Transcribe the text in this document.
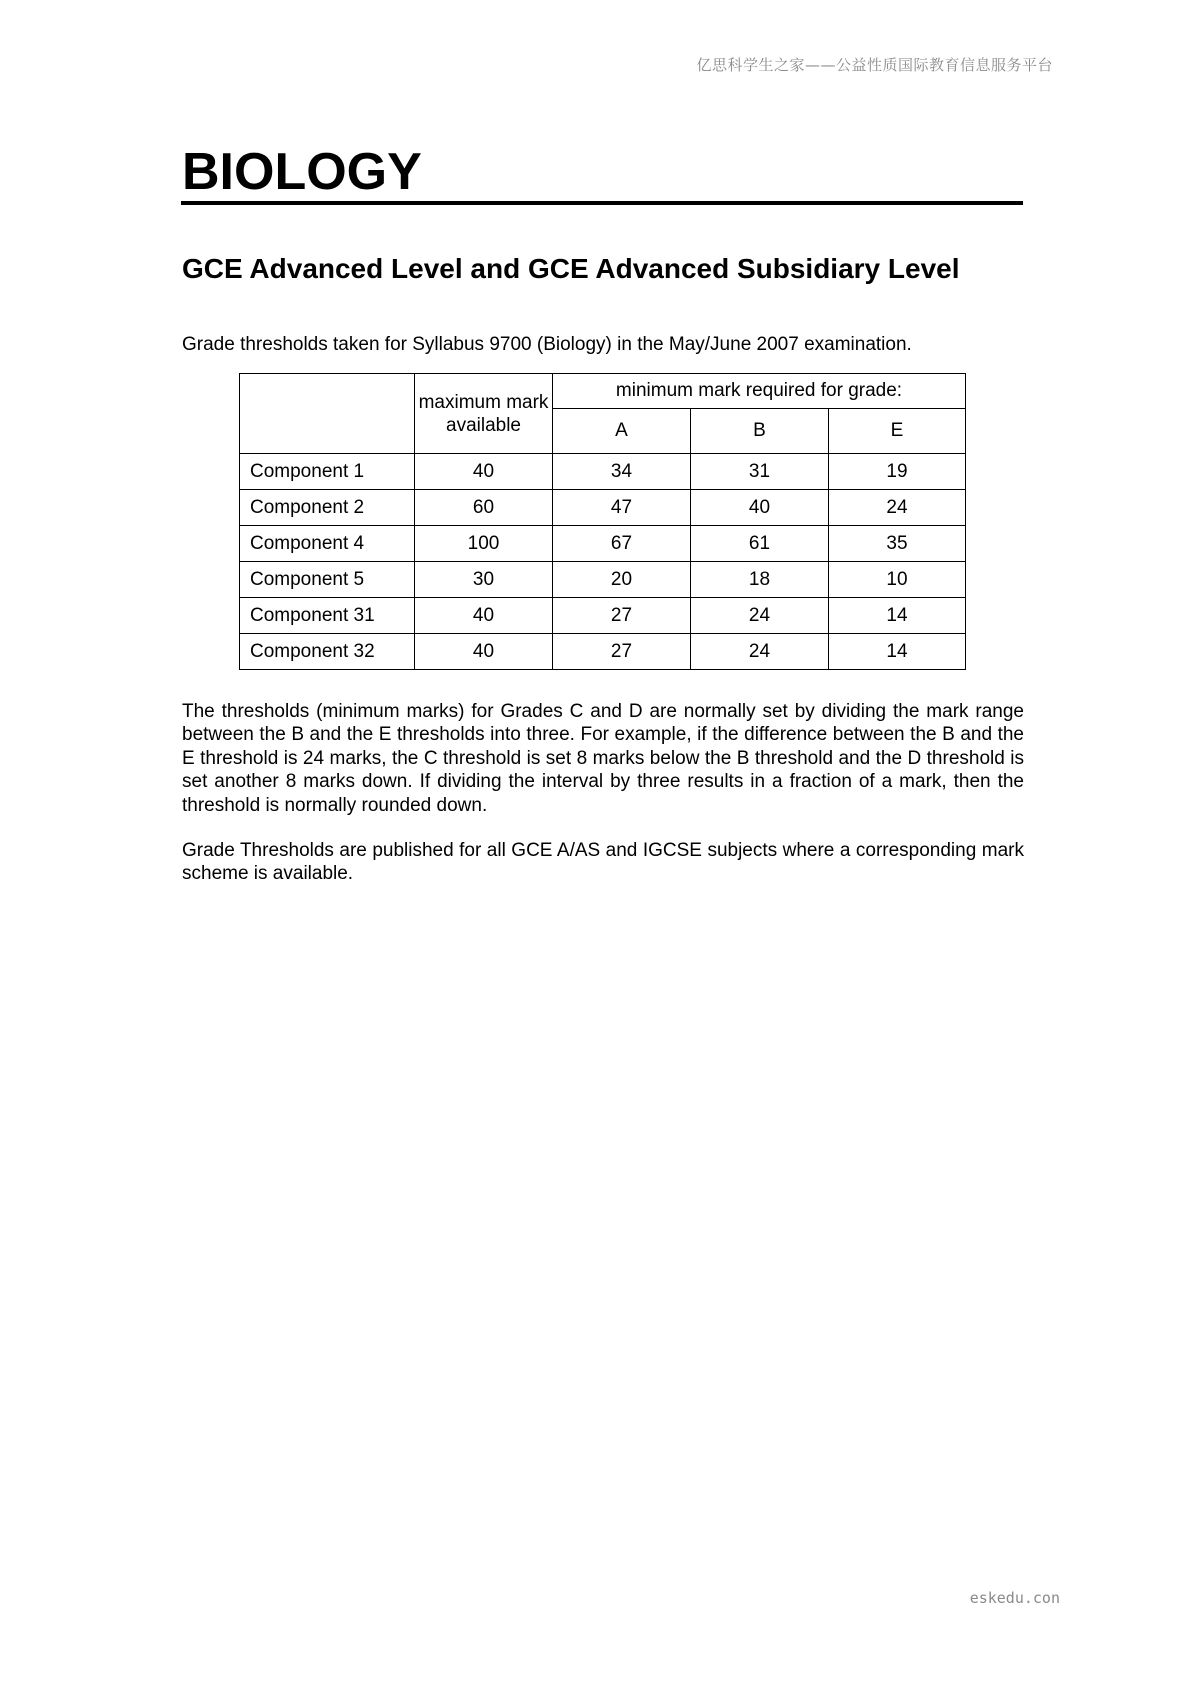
亿思科学生之家——公益性质国际教育信息服务平台
BIOLOGY
GCE Advanced Level and GCE Advanced Subsidiary Level
Grade thresholds taken for Syllabus 9700 (Biology) in the May/June 2007 examination.
	maximum mark available	minimum mark required for grade:		
		A	B	E
Component 1	40	34	31	19
Component 2	60	47	40	24
Component 4	100	67	61	35
Component 5	30	20	18	10
Component 31	40	27	24	14
Component 32	40	27	24	14
The thresholds (minimum marks) for Grades C and D are normally set by dividing the mark range between the B and the E thresholds into three. For example, if the difference between the B and the E threshold is 24 marks, the C threshold is set 8 marks below the B threshold and the D threshold is set another 8 marks down. If dividing the interval by three results in a fraction of a mark, then the threshold is normally rounded down.
Grade Thresholds are published for all GCE A/AS and IGCSE subjects where a corresponding mark scheme is available.
eskedu.con
